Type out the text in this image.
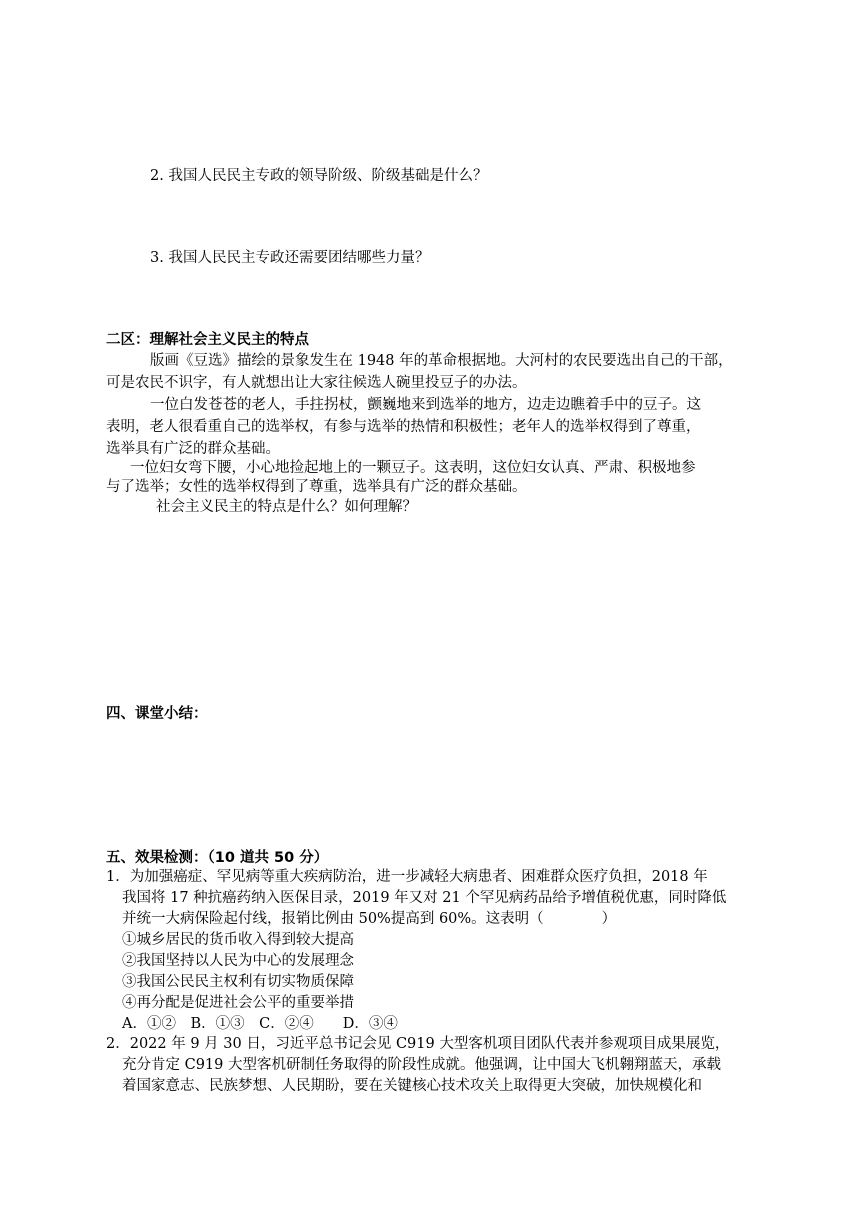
2. 我国人民民主专政的领导阶级、阶级基础是什么？
3. 我国人民民主专政还需要团结哪些力量？
二区：理解社会主义民主的特点
版画《豆选》描绘的景象发生在 1948 年的革命根据地。大河村的农民要选出自己的干部，
可是农民不识字，有人就想出让大家往候选人碗里投豆子的办法。
一位白发苍苍的老人，手拄拐杖，颤巍地来到选举的地方，边走边瞧着手中的豆子。这
表明，老人很看重自己的选举权，有参与选举的热情和积极性；老年人的选举权得到了尊重，
选举具有广泛的群众基础。
一位妇女弯下腰，小心地捡起地上的一颗豆子。这表明，这位妇女认真、严肃、积极地参
与了选举；女性的选举权得到了尊重，选举具有广泛的群众基础。
社会主义民主的特点是什么？如何理解？
四、课堂小结：
五、效果检测：（10 道共 50 分）
1．为加强癌症、罕见病等重大疾病防治，进一步减轻大病患者、困难群众医疗负担，2018 年
我国将 17 种抗癌药纳入医保目录，2019 年又对 21 个罕见病药品给予增值税优惠，同时降低
并统一大病保险起付线，报销比例由 50%提高到 60%。这表明（　　　　）
①城乡居民的货币收入得到较大提高
②我国坚持以人民为中心的发展理念
③我国公民民主权利有切实物质保障
④再分配是促进社会公平的重要举措
A．①②　B．①③　C．②④　　D．③④
2．2022 年 9 月 30 日，习近平总书记会见 C919 大型客机项目团队代表并参观项目成果展览，
充分肯定 C919 大型客机研制任务取得的阶段性成就。他强调，让中国大飞机翱翔蓝天，承载
着国家意志、民族梦想、人民期盼，要在关键核心技术攻关上取得更大突破，加快规模化和
